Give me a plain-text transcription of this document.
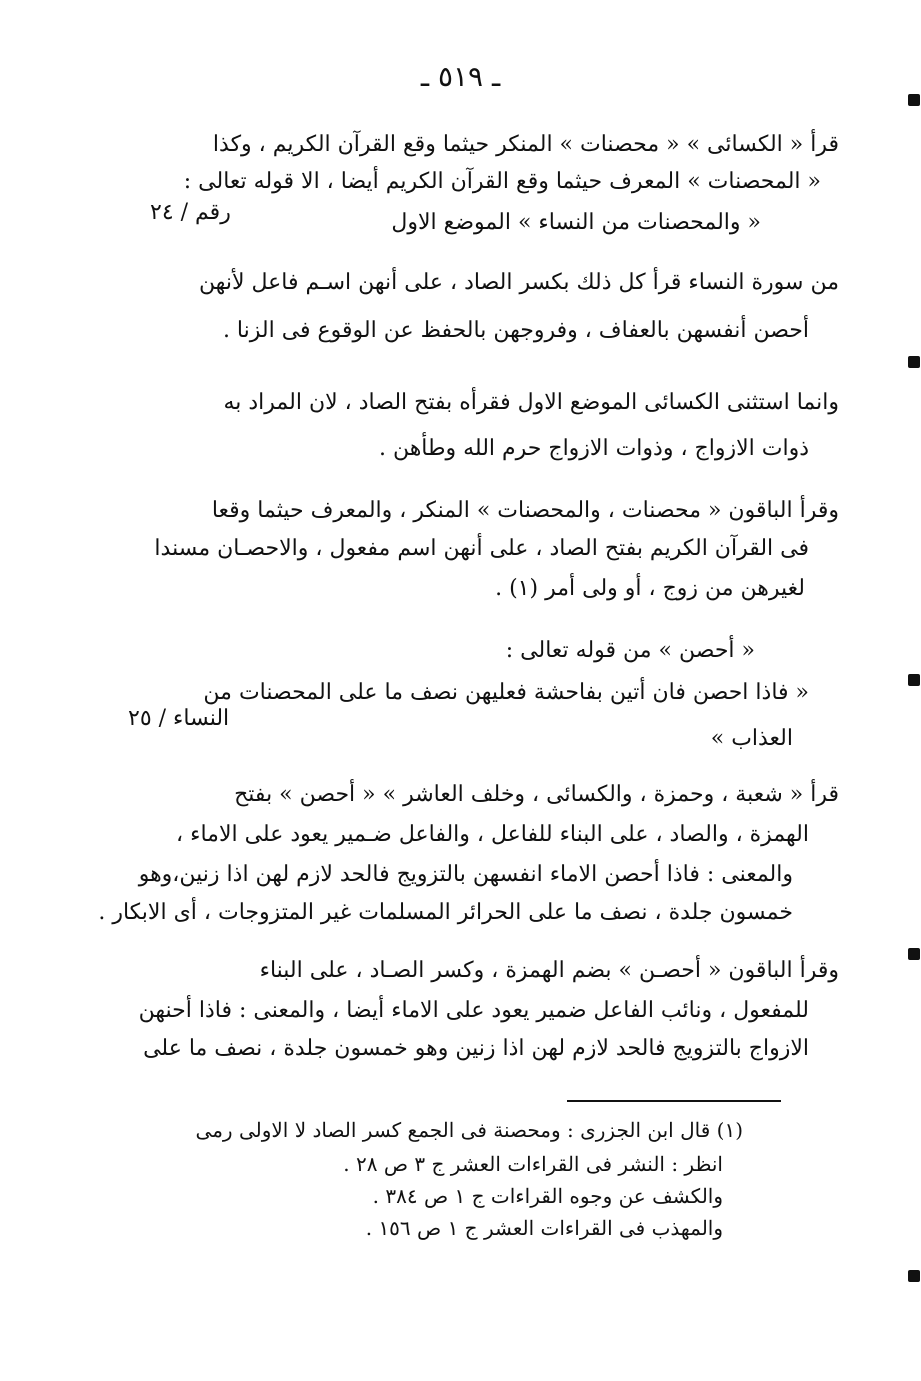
ـ ٥١٩ ـ
قرأ « الكسائى » « محصنات » المنكر حيثما وقع القرآن الكريم ، وكذا
« المحصنات » المعرف حيثما وقع القرآن الكريم أيضا ، الا قوله تعالى :
« والمحصنات من النساء » الموضع الاول
رقم / ٢٤
من سورة النساء قرأ كل ذلك بكسر الصاد ، على أنهن اسـم فاعل لأنهن
أحصن أنفسهن بالعفاف ، وفروجهن بالحفظ عن الوقوع فى الزنا .
وانما استثنى الكسائى الموضع الاول فقرأه بفتح الصاد ، لان المراد به
ذوات الازواج ، وذوات الازواج حرم الله وطأهن .
وقرأ الباقون « محصنات ، والمحصنات » المنكر ، والمعرف حيثما وقعا
فى القرآن الكريم بفتح الصاد ، على أنهن اسم مفعول ، والاحصـان مسندا
لغيرهن من زوج ، أو ولى أمر (١) .
« أحصن » من قوله تعالى :
« فاذا احصن فان أتين بفاحشة فعليهن نصف ما على المحصنات من
العذاب »
النساء / ٢٥
قرأ « شعبة ، وحمزة ، والكسائى ، وخلف العاشر » « أحصن » بفتح
الهمزة ، والصاد ، على البناء للفاعل ، والفاعل ضـمير يعود على الاماء ،
والمعنى : فاذا أحصن الاماء انفسهن بالتزويج فالحد لازم لهن اذا زنين،وهو
خمسون جلدة ، نصف ما على الحرائر المسلمات غير المتزوجات ، أى الابكار .
وقرأ الباقون « أحصـن » بضم الهمزة ، وكسر الصـاد ، على البناء
للمفعول ، ونائب الفاعل ضمير يعود على الاماء أيضا ، والمعنى : فاذا أحنهن
الازواج بالتزويج فالحد لازم لهن اذا زنين وهو خمسون جلدة ، نصف ما على
(١) قال ابن الجزرى : ومحصنة فى الجمع كسر الصاد لا الاولى رمى
انظر : النشر فى القراءات العشر ج ٣ ص ٢٨ .
والكشف عن وجوه القراءات ج ١ ص ٣٨٤ .
والمهذب فى القراءات العشر ج ١ ص ١٥٦ .
